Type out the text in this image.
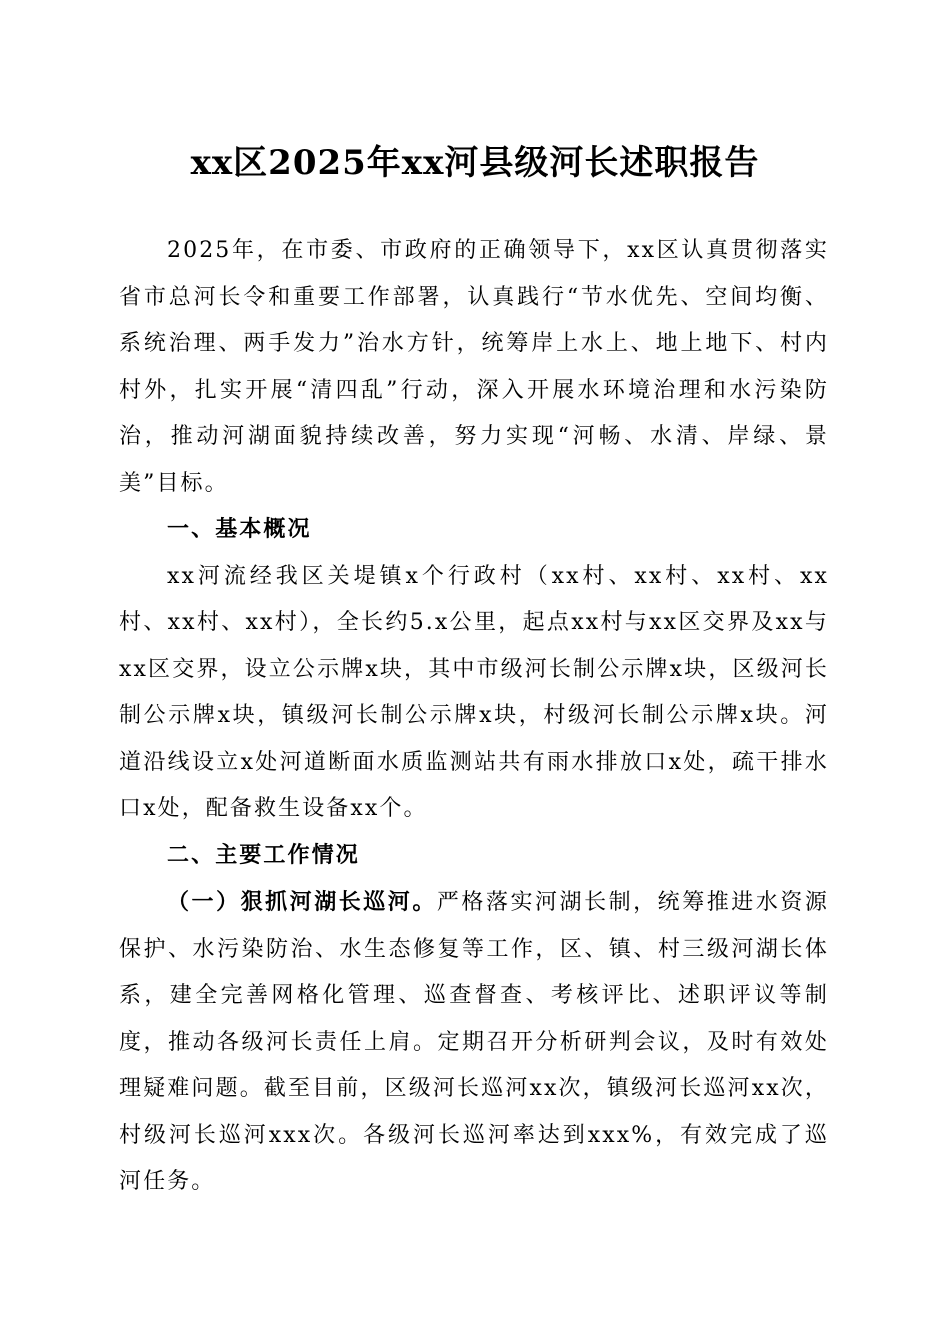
xx区2025年xx河县级河长述职报告

2025年，在市委、市政府的正确领导下，xx区认真贯彻落实省市总河长令和重要工作部署，认真践行“节水优先、空间均衡、系统治理、两手发力”治水方针，统筹岸上水上、地上地下、村内村外，扎实开展“清四乱”行动，深入开展水环境治理和水污染防治，推动河湖面貌持续改善，努力实现“河畅、水清、岸绿、景美”目标。

一、基本概况

xx河流经我区关堤镇x个行政村（xx村、xx村、xx村、xx村、xx村、xx村），全长约5.x公里，起点xx村与xx区交界及xx与xx区交界，设立公示牌x块，其中市级河长制公示牌x块，区级河长制公示牌x块，镇级河长制公示牌x块，村级河长制公示牌x块。河道沿线设立x处河道断面水质监测站共有雨水排放口x处，疏干排水口x处，配备救生设备xx个。

二、主要工作情况

（一）狠抓河湖长巡河。严格落实河湖长制，统筹推进水资源保护、水污染防治、水生态修复等工作，区、镇、村三级河湖长体系，建全完善网格化管理、巡查督查、考核评比、述职评议等制度，推动各级河长责任上肩。定期召开分析研判会议，及时有效处理疑难问题。截至目前，区级河长巡河xx次，镇级河长巡河xx次，村级河长巡河xxx次。各级河长巡河率达到xxx%，有效完成了巡河任务。
